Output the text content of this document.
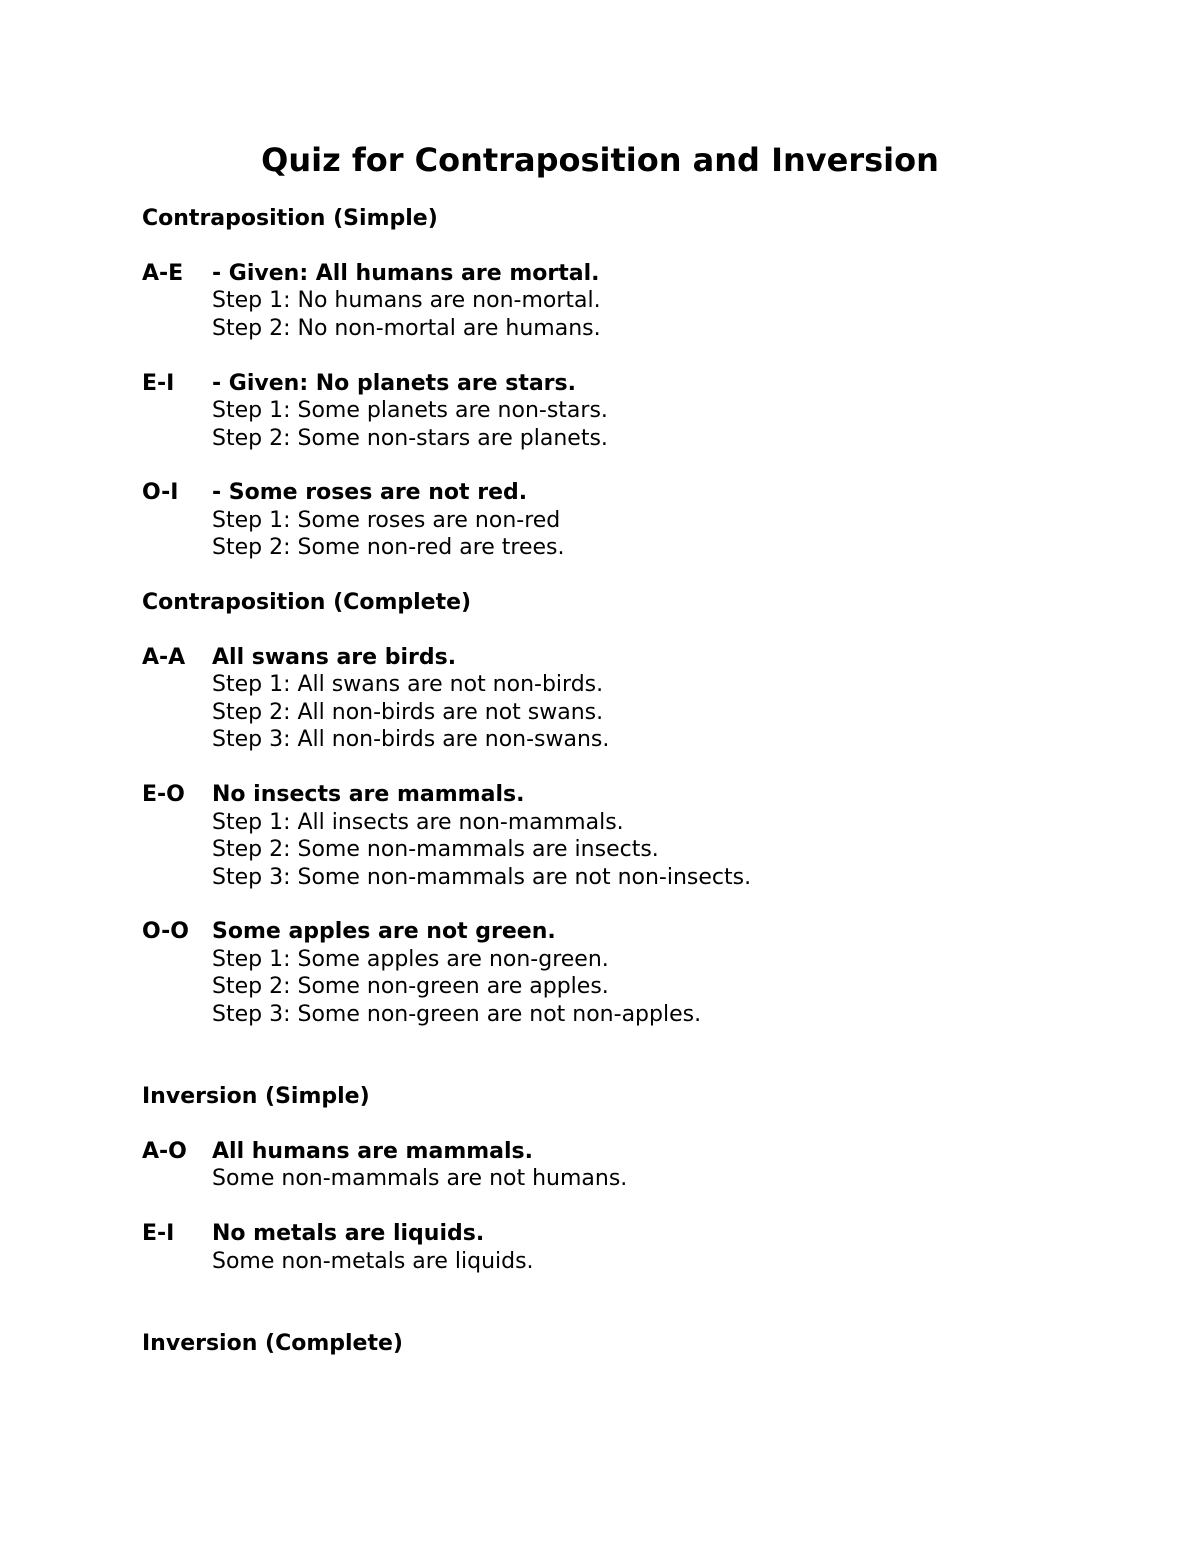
Quiz for Contraposition and Inversion
Contraposition (Simple)
A-E - Given: All humans are mortal.
Step 1: No humans are non-mortal.
Step 2: No non-mortal are humans.
E-I - Given: No planets are stars.
Step 1: Some planets are non-stars.
Step 2: Some non-stars are planets.
O-I - Some roses are not red.
Step 1: Some roses are non-red
Step 2: Some non-red are trees.
Contraposition (Complete)
A-A All swans are birds.
Step 1: All swans are not non-birds.
Step 2: All non-birds are not swans.
Step 3: All non-birds are non-swans.
E-O No insects are mammals.
Step 1: All insects are non-mammals.
Step 2: Some non-mammals are insects.
Step 3: Some non-mammals are not non-insects.
O-O Some apples are not green.
Step 1: Some apples are non-green.
Step 2: Some non-green are apples.
Step 3: Some non-green are not non-apples.
Inversion (Simple)
A-O All humans are mammals.
Some non-mammals are not humans.
E-I No metals are liquids.
Some non-metals are liquids.
Inversion (Complete)
